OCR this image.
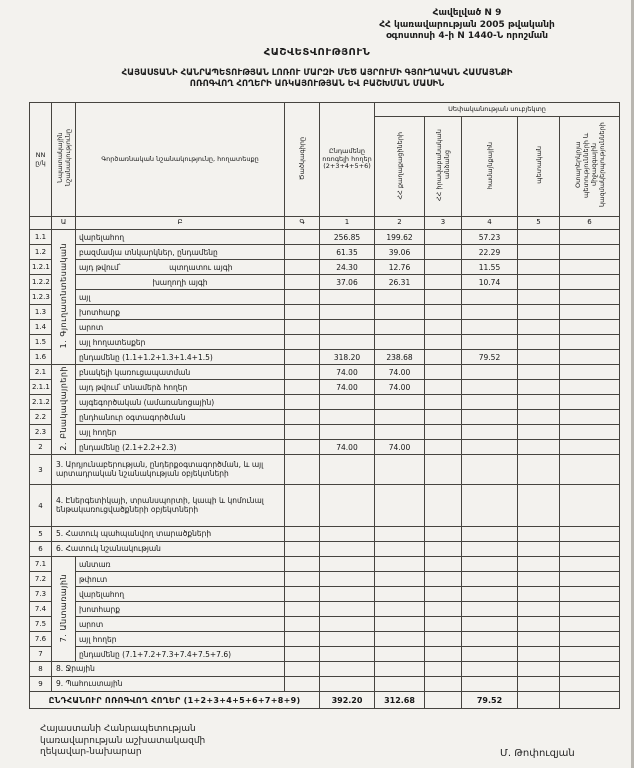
Հավելված N 9
ՀՀ կառավարության 2005 թվականի
օգոստոսի 4-ի N 1440-Ն որոշման
ՀԱՇՎԵՏՎՈՒԹՅՈՒՆ
ՀԱՅԱՍՏԱՆԻ ՀԱՆՐԱՊԵՏՈՒԹՅԱՆ ԼՈՌՈՒ ՄԱՐԶԻ ՄԵԾ ԱՅՐՈՒՄԻ ԳՅՈՒՂԱԿԱՆ ՀԱՄԱՅՆՔԻ
ՈՌՈԳՎՈՂ ՀՈՂԵՐԻ ԱՌԿԱՅՈՒԹՅԱՆ ԵՎ ԲԱՇԽՄԱՆ ՄԱՍԻՆ
NN ը/կ	Նպատակային նշանակությունը	Գործառնական նշանակությունը, հողատեսքը	Ծածկագիրը	Ընդամենը ոռոգելի հողեր (2+3+4+5+6)	Սեփականության սուբյեկտը				
					ՀՀ քաղաքացիների	ՀՀ իրավաբանական անձանց	համայնքային	պետական	Օտարերկրյա պետությունների և միջազգային կազմակերպությունների
	Ա	Բ	Գ	1	2	3	4	5	6
1.1	1. Գյուղատնտեսական	վարելահող		256.85	199.62		57.23		
1.2		բազմամյա տնկարկներ, ընդամենը		61.35	39.06		22.29		
1.2.1		այդ թվում՝ պտղատու այգի		24.30	12.76		11.55		
1.2.2		խաղողի այգի		37.06	26.31		10.74		
1.2.3		այլ							
1.3		խոտհարք							
1.4		արոտ							
1.5		այլ հողատեսքեր							
1.6		ընդամենը (1.1+1.2+1.3+1.4+1.5)		318.20	238.68		79.52		
2.1	2. Բնակավայրերի	բնակելի կառուցապատման		74.00	74.00				
2.1.1		այդ թվում՝ տնամերձ հողեր		74.00	74.00				
2.1.2		այգեգործական (ամառանոցային)							
2.2		ընդհանուր օգտագործման							
2.3		այլ հողեր							
2		ընդամենը (2.1+2.2+2.3)		74.00	74.00				
3	3. Արդյունաբերության, ընդերքօգտագործման, և այլ արտադրական նշանակության օբյեկտների								
4	4. Էներգետիկայի, տրանսպորտի, կապի և կոմունալ ենթակառուցվածքների օբյեկտների								
5	5. Հատուկ պահպանվող տարածքների								
6	6. Հատուկ նշանակության								
7.1	7. Անտառային	անտառ							
7.2		թփուտ							
7.3		վարելահող							
7.4		խոտհարք							
7.5		արոտ							
7.6		այլ հողեր							
7		ընդամենը (7.1+7.2+7.3+7.4+7.5+7.6)							
8	8. Ջրային								
9	9. Պահուստային								
ԸՆԴՀԱՆՈՒՐ ՈՌՈԳՎՈՂ ՀՈՂԵՐ (1+2+3+4+5+6+7+8+9)				392.20	312.68		79.52		
Հայաստանի Հանրապետության
կառավարության աշխատակազմի
ղեկավար-նախարար	Մ. Թոփուզյան
